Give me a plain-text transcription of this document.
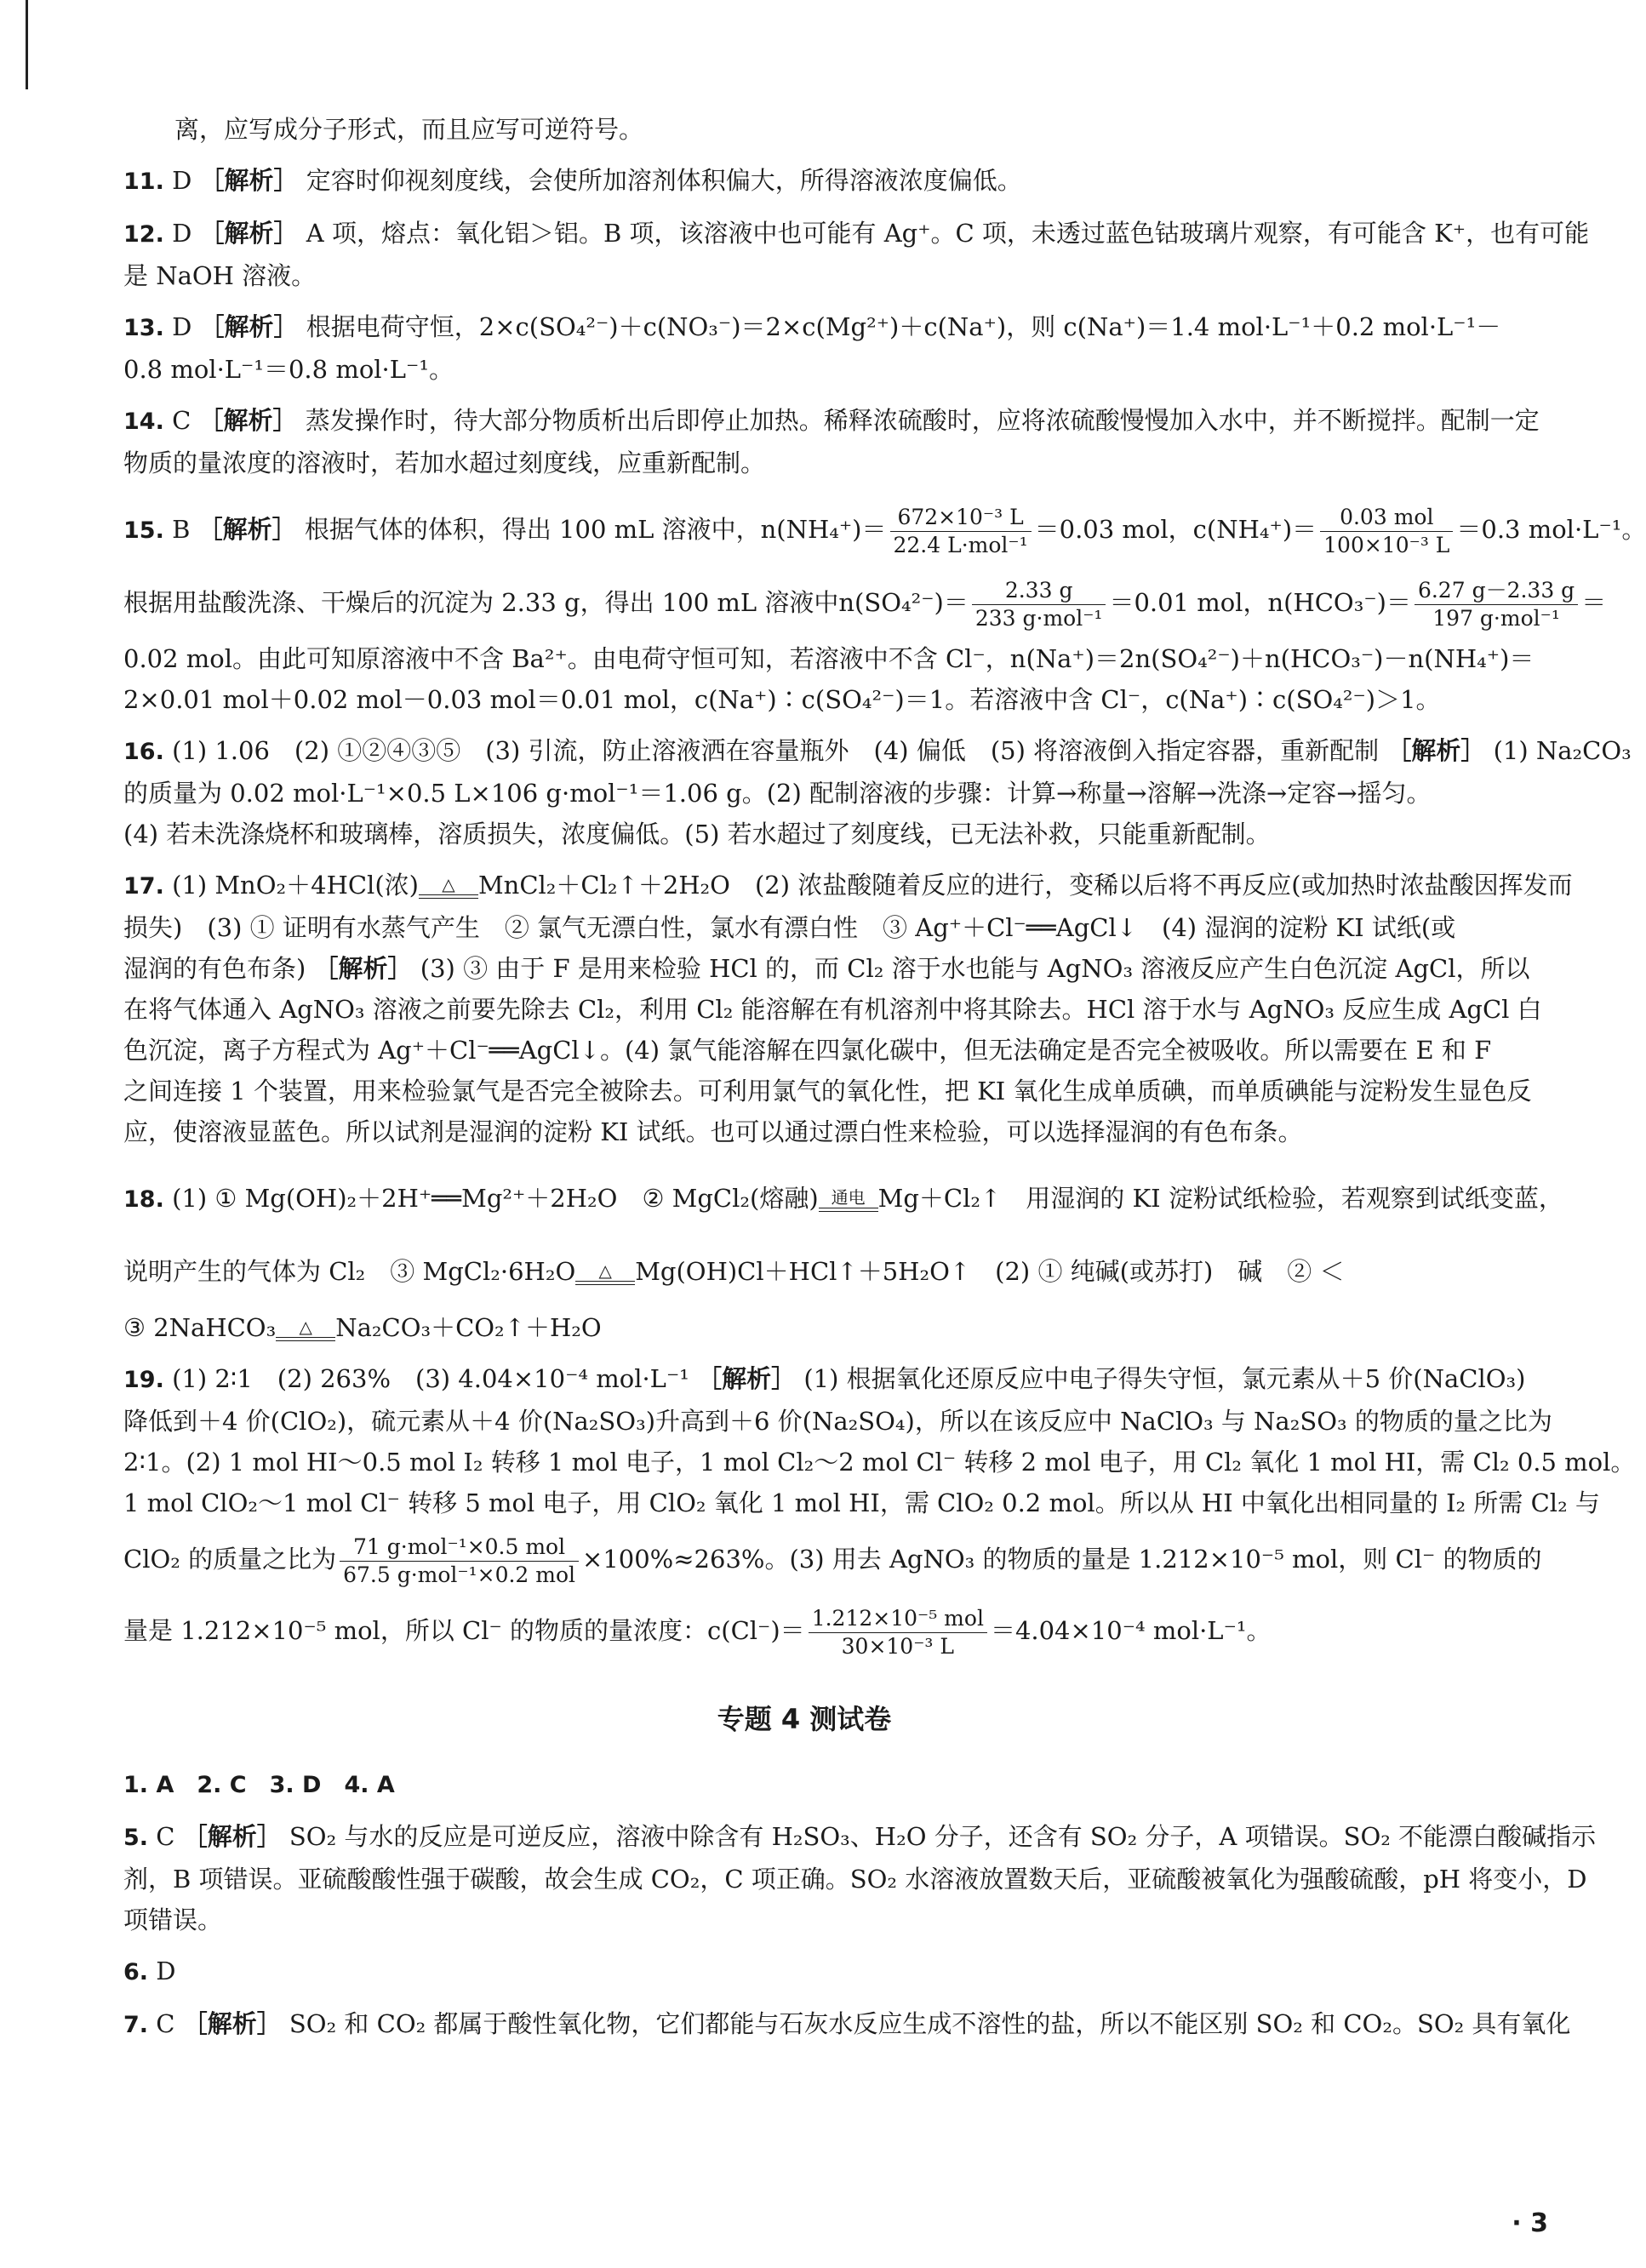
离，应写成分子形式，而且应写可逆符号。
11. D ［解析］ 定容时仰视刻度线，会使所加溶剂体积偏大，所得溶液浓度偏低。
12. D ［解析］ A 项，熔点：氧化铝＞铝。B 项，该溶液中也可能有 Ag⁺。C 项，未透过蓝色钴玻璃片观察，有可能含 K⁺，也有可能
是 NaOH 溶液。
13. D ［解析］ 根据电荷守恒，2×c(SO₄²⁻)＋c(NO₃⁻)＝2×c(Mg²⁺)＋c(Na⁺)，则 c(Na⁺)＝1.4 mol·L⁻¹＋0.2 mol·L⁻¹－
0.8 mol·L⁻¹＝0.8 mol·L⁻¹。
14. C ［解析］ 蒸发操作时，待大部分物质析出后即停止加热。稀释浓硫酸时，应将浓硫酸慢慢加入水中，并不断搅拌。配制一定
物质的量浓度的溶液时，若加水超过刻度线，应重新配制。
15. B ［解析］ 根据气体的体积，得出 100 mL 溶液中，$n(NH_4^+)= \frac{\text{672×10⁻³ L}}{\text{22.4 L·mol⁻¹}} =0.03$ mol，$c(NH_4^+)= \frac{\text{0.03 mol}}{\text{100×10⁻³ L}} =0.3$ mol·L⁻¹。
根据用盐酸洗涤、干燥后的沉淀为 2.33 g，得出 100 mL 溶液中$n(SO_4^{2-})= \frac{2.33 g}{\text{233 g·mol⁻¹}} =0.01$ mol，$n(HCO_3^-)= \frac{6.27 g-2.33 g}{\text{197 g·mol⁻¹}}$ ＝
0.02 mol。由此可知原溶液中不含 Ba²⁺。由电荷守恒可知，若溶液中不含 Cl⁻，n(Na⁺)＝2n(SO₄²⁻)＋n(HCO₃⁻)－n(NH₄⁺)＝
2×0.01 mol＋0.02 mol－0.03 mol＝0.01 mol，c(Na⁺)∶c(SO₄²⁻)＝1。若溶液中含 Cl⁻，c(Na⁺)∶c(SO₄²⁻)＞1。
16. (1) 1.06　(2) ①②④③⑤　(3) 引流，防止溶液洒在容量瓶外　(4) 偏低　(5) 将溶液倒入指定容器，重新配制 ［解析］ (1) Na₂CO₃
的质量为 0.02 mol·L⁻¹×0.5 L×106 g·mol⁻¹＝1.06 g。(2) 配制溶液的步骤：计算→称量→溶解→洗涤→定容→摇匀。
(4) 若未洗涤烧杯和玻璃棒，溶质损失，浓度偏低。(5) 若水超过了刻度线，已无法补救，只能重新配制。
17. (1) MnO₂＋4HCl(浓)	△ MnCl₂＋Cl₂↑＋2H₂O　(2) 浓盐酸随着反应的进行，变稀以后将不再反应(或加热时浓盐酸因挥发而
损失)　(3) ① 证明有水蒸气产生　② 氯气无漂白性，氯水有漂白性　③ Ag⁺＋Cl⁻══AgCl↓　(4) 湿润的淀粉 KI 试纸(或
湿润的有色布条) ［解析］ (3) ③ 由于 F 是用来检验 HCl 的，而 Cl₂ 溶于水也能与 AgNO₃ 溶液反应产生白色沉淀 AgCl，所以
在将气体通入 AgNO₃ 溶液之前要先除去 Cl₂，利用 Cl₂ 能溶解在有机溶剂中将其除去。HCl 溶于水与 AgNO₃ 反应生成 AgCl 白
色沉淀，离子方程式为 Ag⁺＋Cl⁻══AgCl↓。(4) 氯气能溶解在四氯化碳中，但无法确定是否完全被吸收。所以需要在 E 和 F
之间连接 1 个装置，用来检验氯气是否完全被除去。可利用氯气的氧化性，把 KI 氧化生成单质碘，而单质碘能与淀粉发生显色反
应，使溶液显蓝色。所以试剂是湿润的淀粉 KI 试纸。也可以通过漂白性来检验，可以选择湿润的有色布条。
18. (1) ① Mg(OH)₂＋2H⁺══Mg²⁺＋2H₂O　② MgCl₂(熔融) 通电 Mg＋Cl₂↑　用湿润的 KI 淀粉试纸检验，若观察到试纸变蓝，
说明产生的气体为 Cl₂　③ MgCl₂·6H₂O	△ Mg(OH)Cl＋HCl↑＋5H₂O↑　(2) ① 纯碱(或苏打)　碱　② ＜
③ 2NaHCO₃	△ Na₂CO₃＋CO₂↑＋H₂O
19. (1) 2∶1　(2) 263%　(3) 4.04×10⁻⁴ mol·L⁻¹ ［解析］ (1) 根据氧化还原反应中电子得失守恒，氯元素从＋5 价(NaClO₃)
降低到＋4 价(ClO₂)，硫元素从＋4 价(Na₂SO₃)升高到＋6 价(Na₂SO₄)，所以在该反应中 NaClO₃ 与 Na₂SO₃ 的物质的量之比为
2∶1。(2) 1 mol HI～0.5 mol I₂ 转移 1 mol 电子，1 mol Cl₂～2 mol Cl⁻ 转移 2 mol 电子，用 Cl₂ 氧化 1 mol HI，需 Cl₂ 0.5 mol。
1 mol ClO₂～1 mol Cl⁻ 转移 5 mol 电子，用 ClO₂ 氧化 1 mol HI，需 ClO₂ 0.2 mol。所以从 HI 中氧化出相同量的 I₂ 所需 Cl₂ 与
ClO₂ 的质量之比为 $\frac{\text{71 g·mol⁻¹×0.5 mol}}{\text{67.5 g·mol⁻¹×0.2 mol}} \times 100\%\approx 263\%$。(3) 用去 AgNO₃ 的物质的量是 1.212×10⁻⁵ mol，则 Cl⁻ 的物质的
量是 1.212×10⁻⁵ mol，所以 Cl⁻ 的物质的量浓度：$c(Cl^-)= \frac{\text{1.212×10⁻⁵ mol}}{\text{30×10⁻³ L}} =4.04\times 10^{-4}$ mol·L⁻¹。
专题 4 测试卷
1. A　2. C　3. D　4. A
5. C ［解析］ SO₂ 与水的反应是可逆反应，溶液中除含有 H₂SO₃、H₂O 分子，还含有 SO₂ 分子，A 项错误。SO₂ 不能漂白酸碱指示
剂，B 项错误。亚硫酸酸性强于碳酸，故会生成 CO₂，C 项正确。SO₂ 水溶液放置数天后，亚硫酸被氧化为强酸硫酸，pH 将变小，D
项错误。
6. D
7. C ［解析］ SO₂ 和 CO₂ 都属于酸性氧化物，它们都能与石灰水反应生成不溶性的盐，所以不能区别 SO₂ 和 CO₂。SO₂ 具有氧化
· 3
